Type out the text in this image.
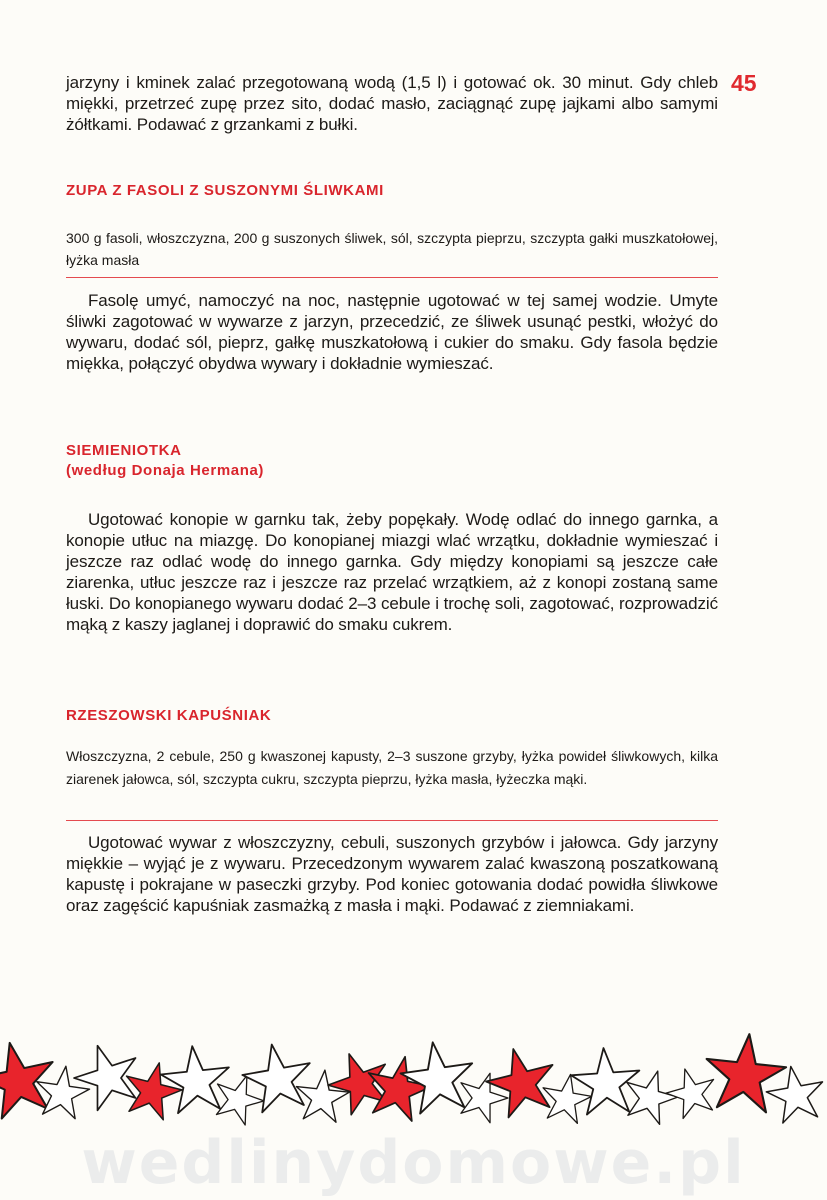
45

jarzyny i kminek zalać przegotowaną wodą (1,5 l) i gotować ok. 30 minut. Gdy chleb miękki, przetrzeć zupę przez sito, dodać masło, zaciągnąć zupę jajkami albo samymi żółtkami. Podawać z grzankami z bułki.

ZUPA Z FASOLI Z SUSZONYMI ŚLIWKAMI

300 g fasoli, włoszczyzna, 200 g suszonych śliwek, sól, szczypta pieprzu, szczypta gałki muszkatołowej, łyżka masła

Fasolę umyć, namoczyć na noc, następnie ugotować w tej samej wodzie. Umyte śliwki zagotować w wywarze z jarzyn, przecedzić, ze śliwek usunąć pestki, włożyć do wywaru, dodać sól, pieprz, gałkę muszkatołową i cukier do smaku. Gdy fasola będzie miękka, połączyć obydwa wywary i dokładnie wymieszać.

SIEMIENIOTKA
(według Donaja Hermana)

Ugotować konopie w garnku tak, żeby popękały. Wodę odlać do innego garnka, a konopie utłuc na miazgę. Do konopianej miazgi wlać wrzątku, dokładnie wymieszać i jeszcze raz odlać wodę do innego garnka. Gdy między konopiami są jeszcze całe ziarenka, utłuc jeszcze raz i jeszcze raz przelać wrzątkiem, aż z konopi zostaną same łuski. Do konopianego wywaru dodać 2–3 cebule i trochę soli, zagotować, rozprowadzić mąką z kaszy jaglanej i doprawić do smaku cukrem.

RZESZOWSKI KAPUŚNIAK

Włoszczyzna, 2 cebule, 250 g kwaszonej kapusty, 2–3 suszone grzyby, łyżka powideł śliwkowych, kilka ziarenek jałowca, sól, szczypta cukru, szczypta pieprzu, łyżka masła, łyżeczka mąki.

Ugotować wywar z włoszczyzny, cebuli, suszonych grzybów i jałowca. Gdy jarzyny miękkie – wyjąć je z wywaru. Przecedzonym wywarem zalać kwaszoną poszatkowaną kapustę i pokrajane w paseczki grzyby. Pod koniec gotowania dodać powidła śliwkowe oraz zagęścić kapuśniak zasmażką z masła i mąki. Podawać z ziemniakami.

wedlinydomowe.pl
